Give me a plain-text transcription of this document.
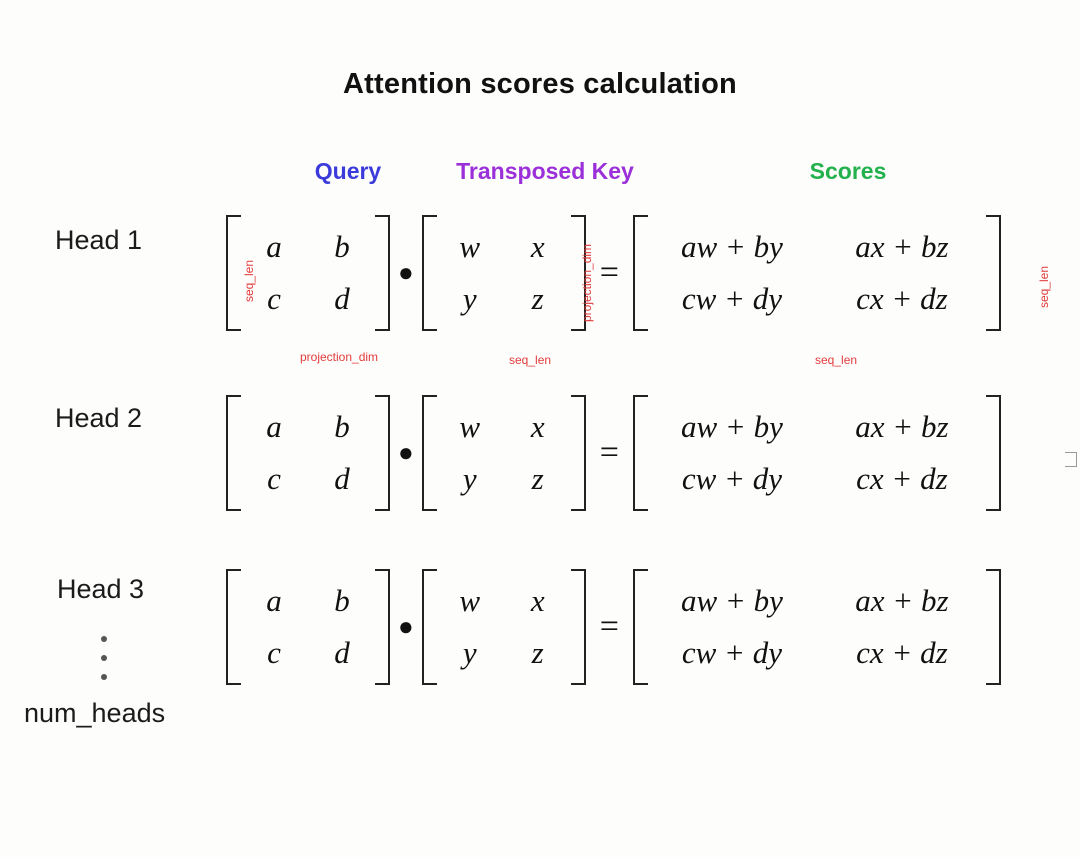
Attention scores calculation
Query	Transposed Key	Scores
Head 1
Head 2
Head 3
num_heads
a	b
c	d
●
w	x
y	z
=
aw + by	ax + bz
cw + dy	cx + dz
a	b
c	d
●
w	x
y	z
=
aw + by	ax + bz
cw + dy	cx + dz
a	b
c	d
●
w	x
y	z
=
aw + by	ax + bz
cw + dy	cx + dz
seq_len
projection_dim
projection_dim
seq_len
seq_len
seq_len
